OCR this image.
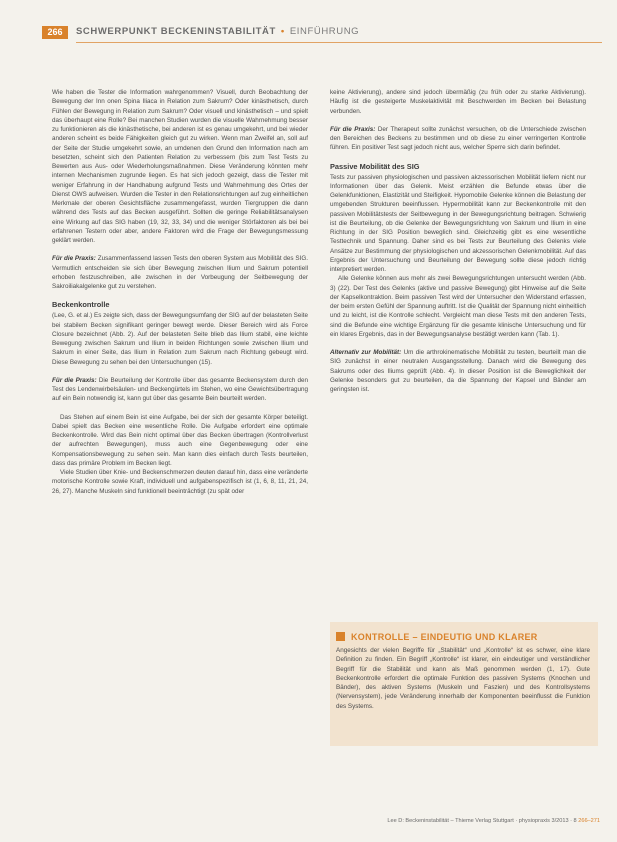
266	SCHWERPUNKT BECKENINSTABILITÄT • EINFÜHRUNG

Wie haben die Tester die Information wahrgenommen? Visuell, durch Beobachtung der Bewegung der Inn onen Spina Iliaca in Relation zum Sakrum? Oder kinästhetisch, durch Fühlen der Bewegung in Relation zum Sakrum? Oder visuell und kinästhetisch – und spielt das überhaupt eine Rolle? Bei manchen Studien wurden die visuelle Wahrnehmung besser zu funktionieren als die kinästhetische, bei anderen ist es genau umgekehrt, und bei wieder anderen scheint es beide Fähigkeiten gleich gut zu wirken. Wenn man Zweifel an, soll auf der Seite der Studie umgekehrt sowie, an umdenen den Grund den Information nach am besetzten, scheint sich den Patienten Relation zu verbessern (bis zum Test Tests zu Bewerten aus Aus- oder Wiederholungsmaßnahmen. Diese Veränderung könnten mehr internen Mechanismen zugrunde liegen. Es hat sich jedoch gezeigt, dass die Tester mit weniger Erfahrung in der Handhabung aufgrund Tests und Wahrnehmung des Ortes der Dienst OWS aufweisen. Wurden die Tester in den Relationsrichtungen auf zug einheitlichen Merkmale der oberen Gesichtsfläche zusammengefasst, wurden Tiergruppen die dann während des Tests auf das Becken ausgeführt. Sollten die geringe Reliabilitätsanalysen eine Wirkung auf das SIG haben (19, 32, 33, 34) und die weniger Störfaktoren als bei bei erfahrenen Testern oder aber, andere Faktoren wird die Frage der Bewegungsmessung geklärt werden.

Für die Praxis: Zusammenfassend lassen Tests den oberen System aus Mobilität des SIG. Vermutlich entscheiden sie sich über Bewegung zwischen Ilium und Sakrum potentiell erhoben festzuschreiben, alle zwischen in der Vorbeugung der Seitbewegung der Sakroiliakalgelenke gut zu verstehen.

Beckenkontrolle

(Lee, G. et al.) Es zeigte sich, dass der Bewegungsumfang der SIG auf der belasteten Seite bei stabilem Becken signifikant geringer bewegt werde. Dieser Bereich wird als Force Closure bezeichnet (Abb. 2). Auf der belasteten Seite blieb das Ilium stabil, eine leichte Bewegung zwischen Sakrum und Ilium in beiden Richtungen sowie zwischen Ilium und Sakrum in einer Seite, das Ilium in Relation zum Sakrum nach Richtung gebeugt wird. Diese Bewegung zu sehen bei den Untersuchungen (15).

Für die Praxis: Die Beurteilung der Kontrolle über das gesamte Beckensystem durch den Test des Lendenwirbelsäulen- und Beckengürtels im Stehen, wo eine Gewichtsübertragung auf ein Bein notwendig ist, kann gut über das gesamte Bein beurteilt werden.

Das Stehen auf einem Bein ist eine Aufgabe, bei der sich der gesamte Körper beteiligt. Dabei spielt das Becken eine wesentliche Rolle. Die Aufgabe erfordert eine optimale Beckenkontrolle. Wird das Bein nicht optimal über das Becken übertragen (Kontrollverlust der aufrechten Bewegungen), muss auch eine Gegenbewegung oder eine Kompensationsbewegung zu sehen sein. Man kann dies einfach durch Tests beurteilen, dass das primäre Problem im Becken liegt.

Viele Studien über Knie- und Beckenschmerzen deuten darauf hin, dass eine veränderte motorische Kontrolle sowie Kraft, individuell und aufgabenspezifisch ist (1, 6, 8, 11, 21, 24, 26, 27). Manche Muskeln sind funktionell beeinträchtigt (zu spät oder

keine Aktivierung), andere sind jedoch übermäßig (zu früh oder zu starke Aktivierung). Häufig ist die gesteigerte Muskelaktivität mit Beschwerden im Becken bei Belastung verbunden.

Für die Praxis: Der Therapeut sollte zunächst versuchen, ob die Unterschiede zwischen den Bereichen des Beckens zu bestimmen und ob diese zu einer verringerten Kontrolle führen. Ein positiver Test sagt jedoch nicht aus, welcher Sperre sich darin befindet.

Passive Mobilität des SIG

Tests zur passiven physiologischen und passiven akzessorischen Mobilität liefern nicht nur Informationen über das Gelenk. Meist erzählen die Befunde etwas über die Gelenkfunktionen, Elastizität und Steifigkeit. Hypomobile Gelenke können die Belastung der umgebenden Strukturen beeinflussen. Hypermobilität kann zur Beckenkontrolle mit den passiven Mobilitätstests der Seitbewegung in der Bewegungsrichtung beitragen. Schwierig ist die Beurteilung, ob die Gelenke der Bewegungsrichtung von Sakrum und Ilium in eine Richtung in der SIG Position beweglich sind. Gleichzeitig gibt es eine wesentliche Testtechnik und Spannung. Daher sind es bei Tests zur Beurteilung des Gelenks viele Ansätze zur Bestimmung der physiologischen und akzessorischen Gelenkmobilität. Auf das Ergebnis der Untersuchung und Beurteilung der Bewegung sollte diese jedoch richtig interpretiert werden.

Alle Gelenke können aus mehr als zwei Bewegungsrichtungen untersucht werden (Abb. 3) (22). Der Test des Gelenks (aktive und passive Bewegung) gibt Hinweise auf die Seite der Kapselkontraktion. Beim passiven Test wird der Untersucher den Widerstand erfassen, der beim ersten Gefühl der Spannung auftritt. Ist die Qualität der Spannung nicht einheitlich und zu leicht, ist die Kontrolle schlecht. Vergleicht man diese Tests mit den anderen Tests, sind die Befunde eine wichtige Ergänzung für die gesamte klinische Untersuchung und für ein klares Ergebnis, das in der Bewegungsanalyse bestätigt werden kann (Tab. 1).

Alternativ zur Mobilität: Um die arthrokinematische Mobilität zu testen, beurteilt man die SIG zunächst in einer neutralen Ausgangsstellung. Danach wird die Bewegung des Sakrums oder des Iliums geprüft (Abb. 4). In dieser Position ist die Beweglichkeit der Gelenke besonders gut zu beurteilen, da die Spannung der Kapsel und Bänder am geringsten ist.

KONTROLLE – EINDEUTIG UND KLARER
Angesichts der vielen Begriffe für „Stabilität“ und „Kontrolle“ ist es schwer, eine klare Definition zu finden. Ein Begriff „Kontrolle“ ist klarer, ein eindeutiger und verständlicher Begriff für die Stabilität und kann als Maß genommen werden (1, 17). Gute Beckenkontrolle erfordert die optimale Funktion des passiven Systems (Knochen und Bänder), des aktiven Systems (Muskeln und Faszien) und des Kontrollsystems (Nervensystem), jede Veränderung innerhalb der Komponenten beeinflusst die Funktion des Systems.
Lee D: Beckeninstabilität – Thieme Verlag Stuttgart · physiopraxis 3/2013 · 8 266–271
